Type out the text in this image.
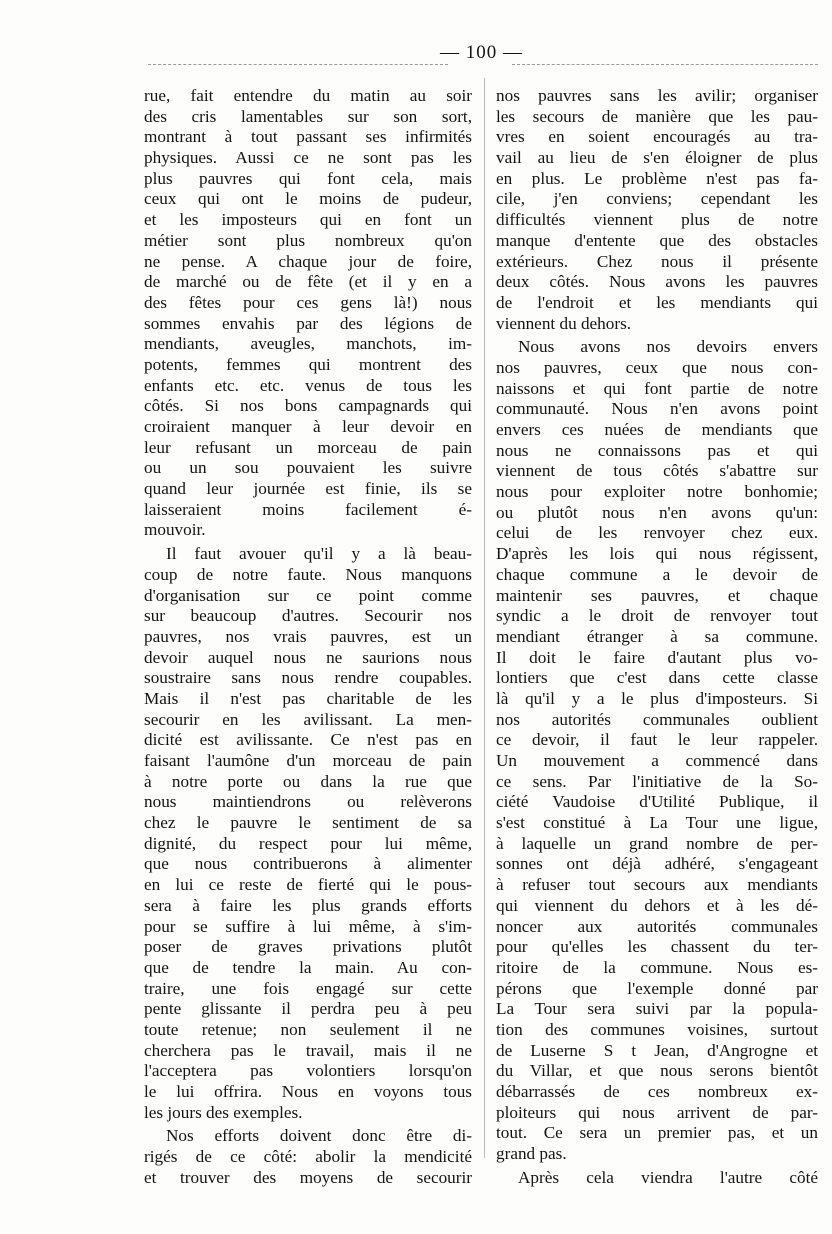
— 100 —
rue, fait entendre du matin au soir
des cris lamentables sur son sort,
montrant à tout passant ses infirmités
physiques. Aussi ce ne sont pas les
plus pauvres qui font cela, mais
ceux qui ont le moins de pudeur,
et les imposteurs qui en font un
métier sont plus nombreux qu'on
ne pense. A chaque jour de foire,
de marché ou de fête (et il y en a
des fêtes pour ces gens là!) nous
sommes envahis par des légions de
mendiants, aveugles, manchots, im-
potents, femmes qui montrent des
enfants etc. etc. venus de tous les
côtés. Si nos bons campagnards qui
croiraient manquer à leur devoir en
leur refusant un morceau de pain
ou un sou pouvaient les suivre
quand leur journée est finie, ils se
laisseraient moins facilement é-
mouvoir.
Il faut avouer qu'il y a là beau-
coup de notre faute. Nous manquons
d'organisation sur ce point comme
sur beaucoup d'autres. Secourir nos
pauvres, nos vrais pauvres, est un
devoir auquel nous ne saurions nous
soustraire sans nous rendre coupables.
Mais il n'est pas charitable de les
secourir en les avilissant. La men-
dicité est avilissante. Ce n'est pas en
faisant l'aumône d'un morceau de pain
à notre porte ou dans la rue que
nous maintiendrons ou relèverons
chez le pauvre le sentiment de sa
dignité, du respect pour lui même,
que nous contribuerons à alimenter
en lui ce reste de fierté qui le pous-
sera à faire les plus grands efforts
pour se suffire à lui même, à s'im-
poser de graves privations plutôt
que de tendre la main. Au con-
traire, une fois engagé sur cette
pente glissante il perdra peu à peu
toute retenue; non seulement il ne
cherchera pas le travail, mais il ne
l'acceptera pas volontiers lorsqu'on
le lui offrira. Nous en voyons tous
les jours des exemples.
Nos efforts doivent donc être di-
rigés de ce côté: abolir la mendicité
et trouver des moyens de secourir
nos pauvres sans les avilir; organiser
les secours de manière que les pau-
vres en soient encouragés au tra-
vail au lieu de s'en éloigner de plus
en plus. Le problème n'est pas fa-
cile, j'en conviens; cependant les
difficultés viennent plus de notre
manque d'entente que des obstacles
extérieurs. Chez nous il présente
deux côtés. Nous avons les pauvres
de l'endroit et les mendiants qui
viennent du dehors.
Nous avons nos devoirs envers
nos pauvres, ceux que nous con-
naissons et qui font partie de notre
communauté. Nous n'en avons point
envers ces nuées de mendiants que
nous ne connaissons pas et qui
viennent de tous côtés s'abattre sur
nous pour exploiter notre bonhomie;
ou plutôt nous n'en avons qu'un:
celui de les renvoyer chez eux.
D'après les lois qui nous régissent,
chaque commune a le devoir de
maintenir ses pauvres, et chaque
syndic a le droit de renvoyer tout
mendiant étranger à sa commune.
Il doit le faire d'autant plus vo-
lontiers que c'est dans cette classe
là qu'il y a le plus d'imposteurs. Si
nos autorités communales oublient
ce devoir, il faut le leur rappeler.
Un mouvement a commencé dans
ce sens. Par l'initiative de la So-
ciété Vaudoise d'Utilité Publique, il
s'est constitué à La Tour une ligue,
à laquelle un grand nombre de per-
sonnes ont déjà adhéré, s'engageant
à refuser tout secours aux mendiants
qui viennent du dehors et à les dé-
noncer aux autorités communales
pour qu'elles les chassent du ter-
ritoire de la commune. Nous es-
pérons que l'exemple donné par
La Tour sera suivi par la popula-
tion des communes voisines, surtout
de Luserne S t Jean, d'Angrogne et
du Villar, et que nous serons bientôt
débarrassés de ces nombreux ex-
ploiteurs qui nous arrivent de par-
tout. Ce sera un premier pas, et un
grand pas.
Après cela viendra l'autre côté
